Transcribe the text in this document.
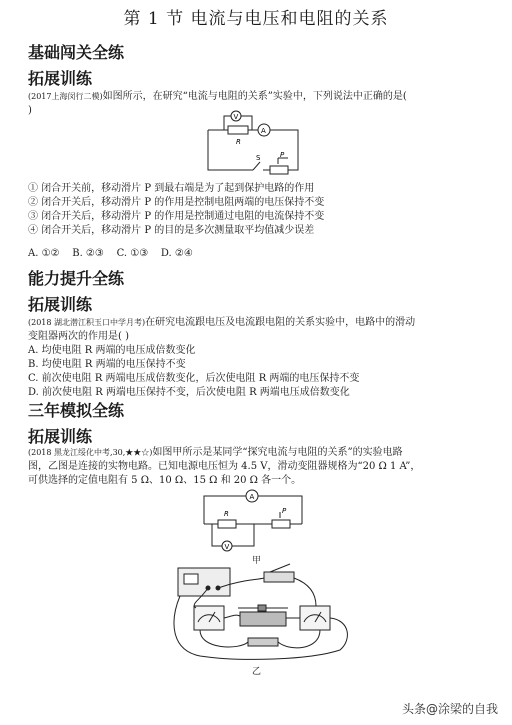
第 1 节 电流与电压和电阻的关系
基础闯关全练
拓展训练
(2017上海闵行二模)如图所示，在研究“电流与电阻的关系”实验中，下列说法中正确的是(
)
V
A
R
S	P
① 闭合开关前，移动滑片 P 到最右端是为了起到保护电路的作用
② 闭合开关后，移动滑片 P 的作用是控制电阻两端的电压保持不变
③ 闭合开关后，移动滑片 P 的作用是控制通过电阻的电流保持不变
④ 闭合开关后，移动滑片 P 的目的是多次测量取平均值减少误差
A. ①②    B. ②③    C. ①③    D. ②④
能力提升全练
拓展训练
(2018 湖北潜江积玉口中学月考)在研究电流跟电压及电流跟电阻的关系实验中，电路中的滑动
变阻器两次的作用是( )
A. 均使电阻 R 两端的电压成倍数变化
B. 均使电阻 R 两端的电压保持不变
C. 前次使电阻 R 两端电压成倍数变化，后次使电阻 R 两端的电压保持不变
D. 前次使电阻 R 两端电压保持不变，后次使电阻 R 两端电压成倍数变化
三年模拟全练
拓展训练
(2018 黑龙江绥化中考,30,★★☆)如图甲所示是某同学“探究电流与电阻的关系”的实验电路
图，乙图是连接的实物电路。已知电源电压恒为 4.5 V，滑动变阻器规格为“20 Ω 1 A”，
可供选择的定值电阻有 5 Ω、10 Ω、15 Ω 和 20 Ω 各一个。
A
R	P
V
甲
乙
头条@涂梁的自我
